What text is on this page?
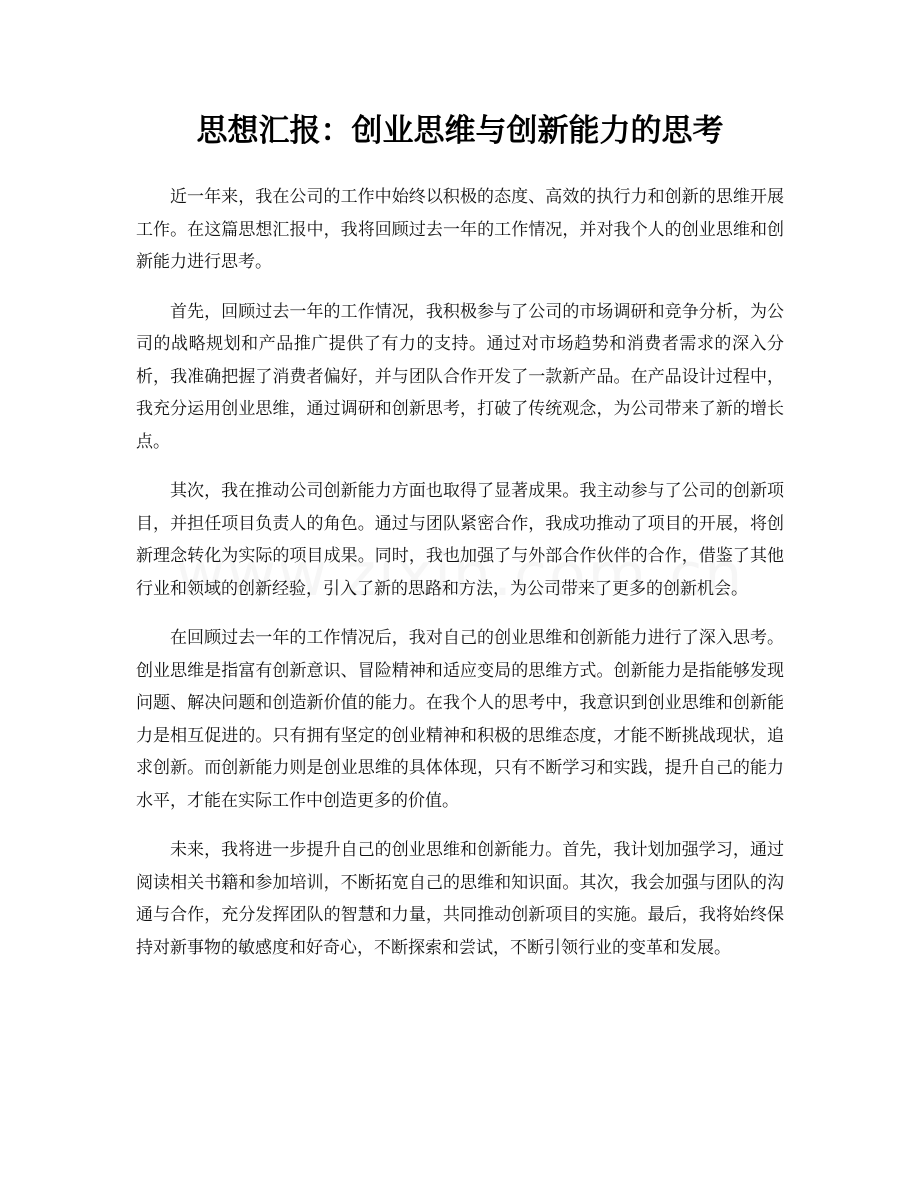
思想汇报：创业思维与创新能力的思考

近一年来，我在公司的工作中始终以积极的态度、高效的执行力和创新的思维开展工作。在这篇思想汇报中，我将回顾过去一年的工作情况，并对我个人的创业思维和创新能力进行思考。

首先，回顾过去一年的工作情况，我积极参与了公司的市场调研和竞争分析，为公司的战略规划和产品推广提供了有力的支持。通过对市场趋势和消费者需求的深入分析，我准确把握了消费者偏好，并与团队合作开发了一款新产品。在产品设计过程中，我充分运用创业思维，通过调研和创新思考，打破了传统观念，为公司带来了新的增长点。

其次，我在推动公司创新能力方面也取得了显著成果。我主动参与了公司的创新项目，并担任项目负责人的角色。通过与团队紧密合作，我成功推动了项目的开展，将创新理念转化为实际的项目成果。同时，我也加强了与外部合作伙伴的合作，借鉴了其他行业和领域的创新经验，引入了新的思路和方法，为公司带来了更多的创新机会。

在回顾过去一年的工作情况后，我对自己的创业思维和创新能力进行了深入思考。创业思维是指富有创新意识、冒险精神和适应变局的思维方式。创新能力是指能够发现问题、解决问题和创造新价值的能力。在我个人的思考中，我意识到创业思维和创新能力是相互促进的。只有拥有坚定的创业精神和积极的思维态度，才能不断挑战现状，追求创新。而创新能力则是创业思维的具体体现，只有不断学习和实践，提升自己的能力水平，才能在实际工作中创造更多的价值。

未来，我将进一步提升自己的创业思维和创新能力。首先，我计划加强学习，通过阅读相关书籍和参加培训，不断拓宽自己的思维和知识面。其次，我会加强与团队的沟通与合作，充分发挥团队的智慧和力量，共同推动创新项目的实施。最后，我将始终保持对新事物的敏感度和好奇心，不断探索和尝试，不断引领行业的变革和发展。
